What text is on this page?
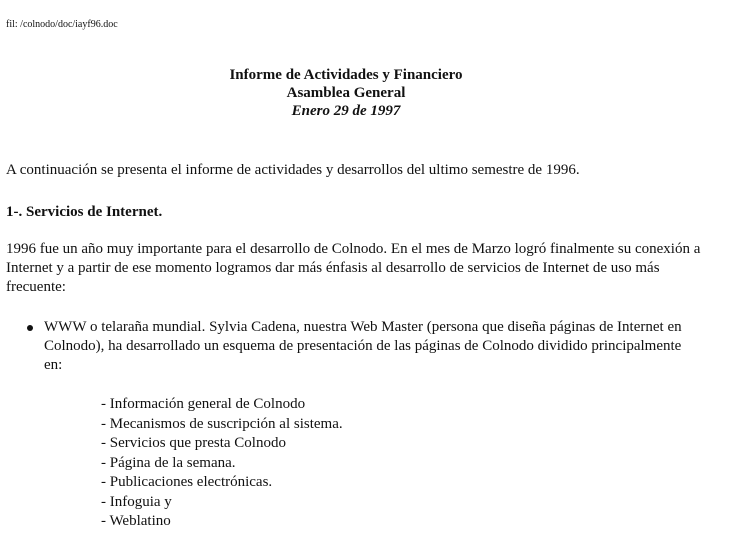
fil: /colnodo/doc/iayf96.doc
Informe de Actividades y Financiero
Asamblea General
Enero 29 de 1997
A continuación se presenta el informe de actividades y desarrollos del ultimo semestre de 1996.
1-. Servicios de Internet.
1996 fue un año muy importante para el desarrollo de Colnodo. En el mes de Marzo logró finalmente su conexión a Internet y a partir de ese momento logramos dar más énfasis al desarrollo de servicios de Internet de uso más frecuente:
WWW o telaraña mundial. Sylvia Cadena, nuestra Web Master (persona que diseña páginas de Internet en Colnodo), ha desarrollado un esquema de presentación de las páginas de Colnodo dividido principalmente en:
- Información general de Colnodo
- Mecanismos de suscripción al sistema.
- Servicios que presta Colnodo
- Página de la semana.
- Publicaciones electrónicas.
- Infoguia y
- Weblatino
